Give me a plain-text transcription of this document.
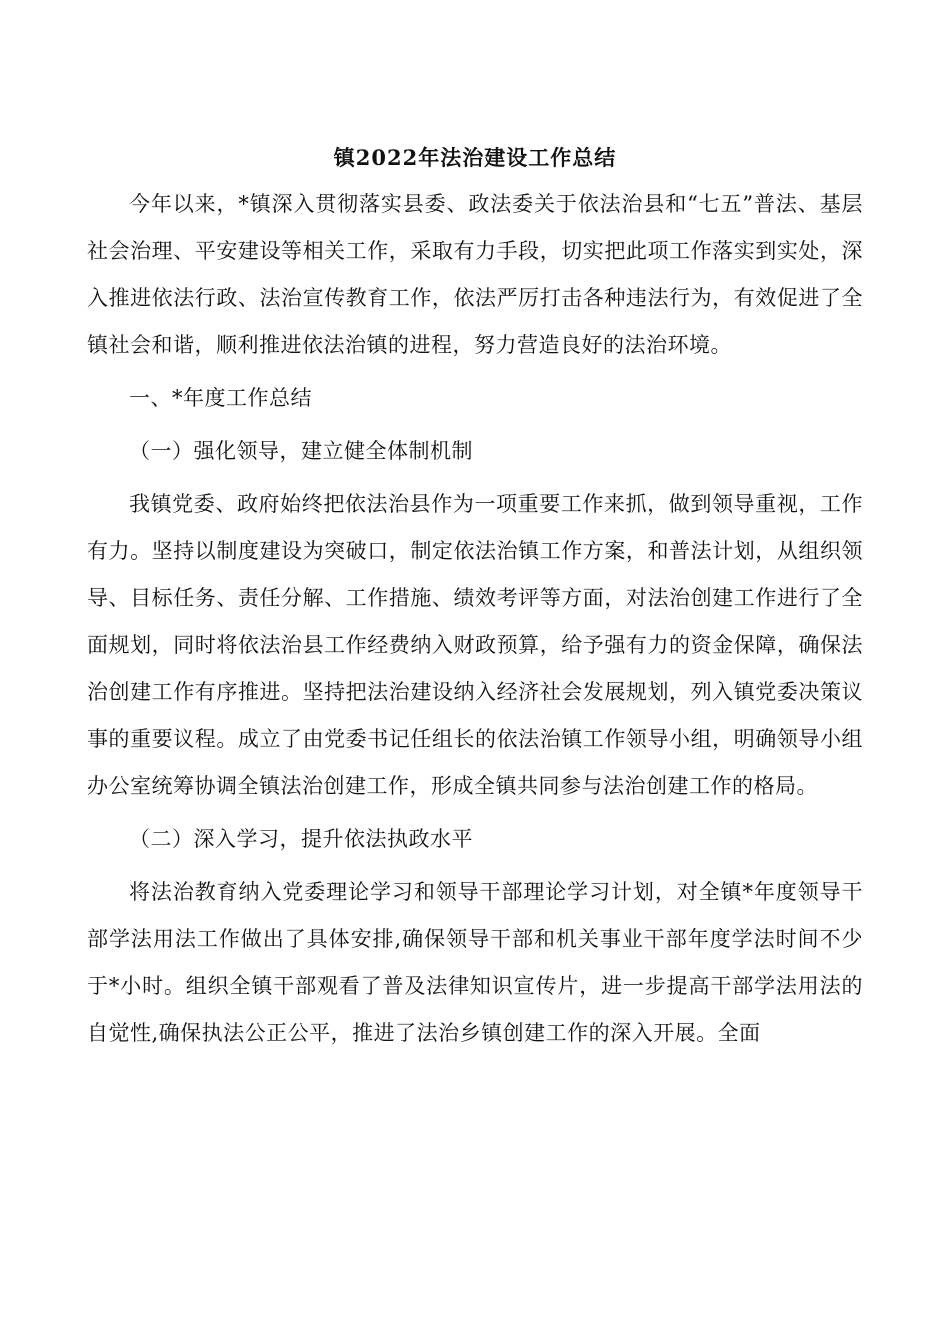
镇2022年法治建设工作总结

今年以来，*镇深入贯彻落实县委、政法委关于依法治县和“七五”普法、基层社会治理、平安建设等相关工作，采取有力手段，切实把此项工作落实到实处，深入推进依法行政、法治宣传教育工作，依法严厉打击各种违法行为，有效促进了全镇社会和谐，顺利推进依法治镇的进程，努力营造良好的法治环境。

一、*年度工作总结

（一）强化领导，建立健全体制机制

我镇党委、政府始终把依法治县作为一项重要工作来抓，做到领导重视，工作有力。坚持以制度建设为突破口，制定依法治镇工作方案，和普法计划，从组织领导、目标任务、责任分解、工作措施、绩效考评等方面，对法治创建工作进行了全面规划，同时将依法治县工作经费纳入财政预算，给予强有力的资金保障，确保法治创建工作有序推进。坚持把法治建设纳入经济社会发展规划，列入镇党委决策议事的重要议程。成立了由党委书记任组长的依法治镇工作领导小组，明确领导小组办公室统筹协调全镇法治创建工作，形成全镇共同参与法治创建工作的格局。

（二）深入学习，提升依法执政水平

将法治教育纳入党委理论学习和领导干部理论学习计划，对全镇*年度领导干部学法用法工作做出了具体安排,确保领导干部和机关事业干部年度学法时间不少于*小时。组织全镇干部观看了普及法律知识宣传片，进一步提高干部学法用法的自觉性,确保执法公正公平，推进了法治乡镇创建工作的深入开展。全面
